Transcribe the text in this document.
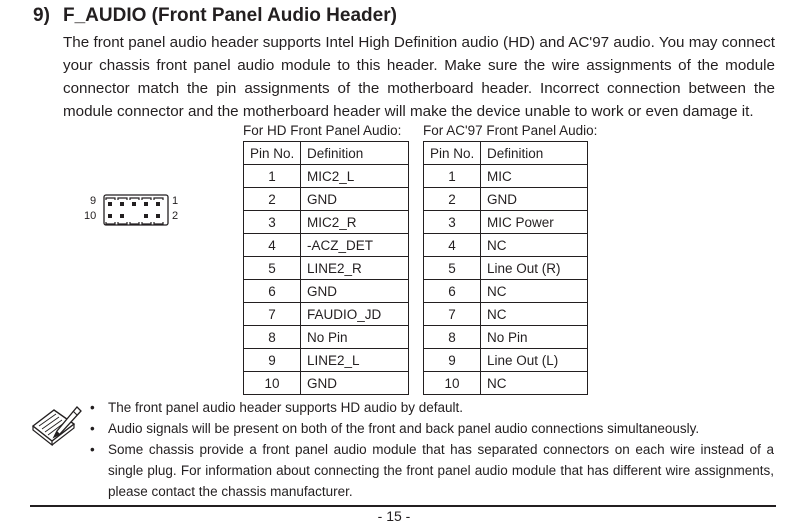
9) F_AUDIO (Front Panel Audio Header)
The front panel audio header supports Intel High Definition audio (HD) and AC'97 audio. You may connect your chassis front panel audio module to this header. Make sure the wire assignments of the module connector match the pin assignments of the motherboard header. Incorrect connection between the module connector and the motherboard header will make the device unable to work or even damage it.
9
10
1
2
For HD Front Panel Audio: For AC'97 Front Panel Audio:
Pin No.	Definition
1	MIC2_L
2	GND
3	MIC2_R
4	-ACZ_DET
5	LINE2_R
6	GND
7	FAUDIO_JD
8	No Pin
9	LINE2_L
10	GND
Pin No.	Definition
1	MIC
2	GND
3	MIC Power
4	NC
5	Line Out (R)
6	NC
7	NC
8	No Pin
9	Line Out (L)
10	NC
• The front panel audio header supports HD audio by default.
• Audio signals will be present on both of the front and back panel audio connections simultaneously.
• Some chassis provide a front panel audio module that has separated connectors on each wire instead of a single plug. For information about connecting the front panel audio module that has different wire assignments, please contact the chassis manufacturer.
- 15 -
